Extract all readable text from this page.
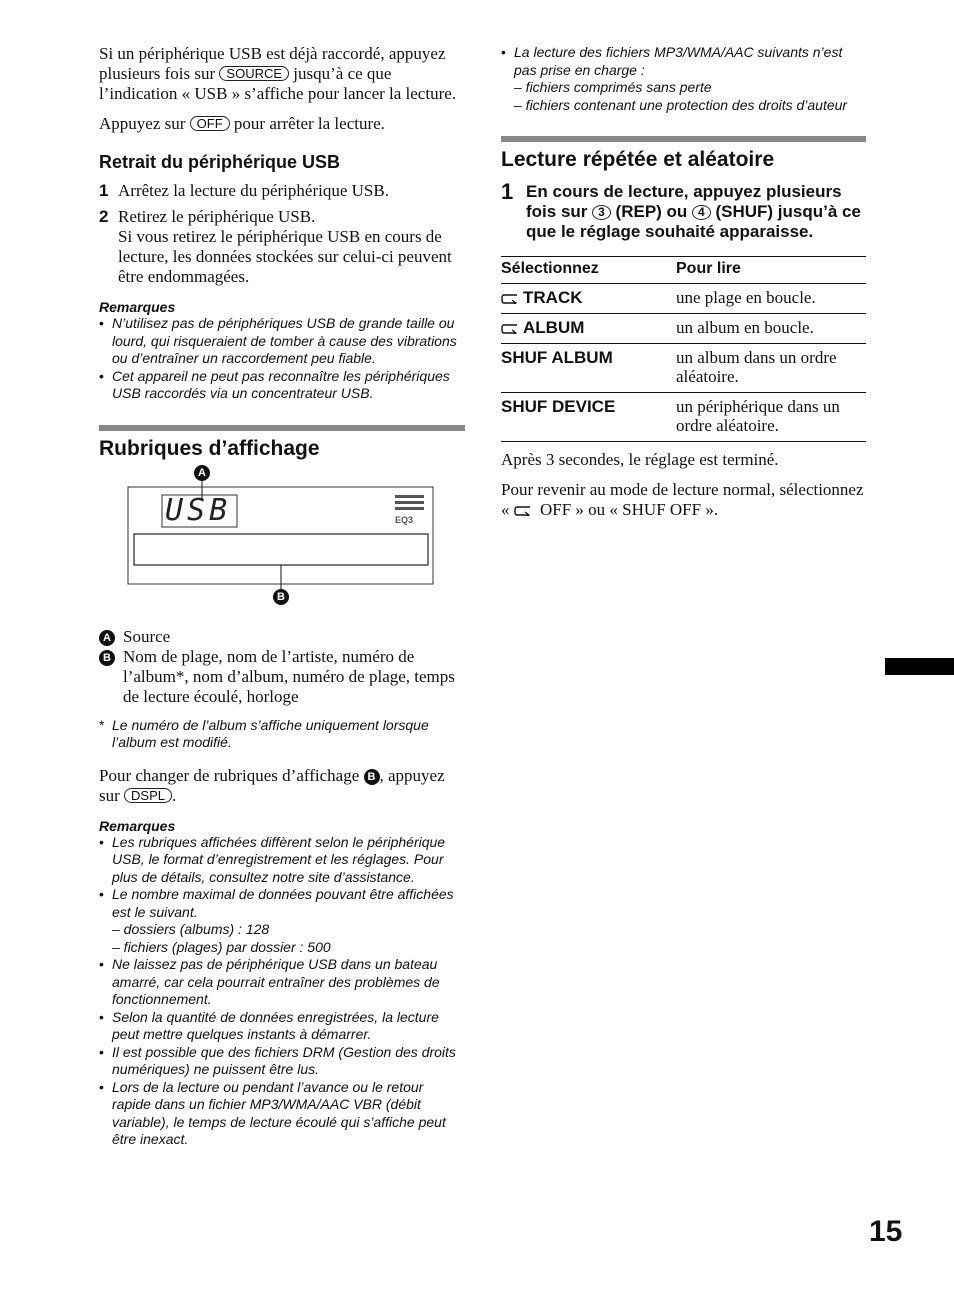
Si un périphérique USB est déjà raccordé, appuyez plusieurs fois sur SOURCE jusqu’à ce que l’indication « USB » s’affiche pour lancer la lecture.

Appuyez sur OFF pour arrêter la lecture.

Retrait du périphérique USB
1 Arrêtez la lecture du périphérique USB.
2 Retirez le périphérique USB.
Si vous retirez le périphérique USB en cours de lecture, les données stockées sur celui-ci peuvent être endommagées.
Remarques
• N’utilisez pas de périphériques USB de grande taille ou lourd, qui risqueraient de tomber à cause des vibrations ou d’entraîner un raccordement peu fiable.
• Cet appareil ne peut pas reconnaître les périphériques USB raccordés via un concentrateur USB.
Rubriques d’affichage
A
B
USB	EQ3
A Source
B Nom de plage, nom de l’artiste, numéro de l’album*, nom d’album, numéro de plage, temps de lecture écoulé, horloge
* Le numéro de l’album s’affiche uniquement lorsque l’album est modifié.

Pour changer de rubriques d’affichage B , appuyez sur DSPL .

Remarques
• Les rubriques affichées diffèrent selon le périphérique USB, le format d’enregistrement et les réglages. Pour plus de détails, consultez notre site d’assistance.
• Le nombre maximal de données pouvant être affichées est le suivant.
– dossiers (albums) : 128
– fichiers (plages) par dossier : 500
• Ne laissez pas de périphérique USB dans un bateau amarré, car cela pourrait entraîner des problèmes de fonctionnement.
• Selon la quantité de données enregistrées, la lecture peut mettre quelques instants à démarrer.
• Il est possible que des fichiers DRM (Gestion des droits numériques) ne puissent être lus.
• Lors de la lecture ou pendant l’avance ou le retour rapide dans un fichier MP3/WMA/AAC VBR (débit variable), le temps de lecture écoulé qui s’affiche peut être inexact.
• La lecture des fichiers MP3/WMA/AAC suivants n’est pas prise en charge :
– fichiers comprimés sans perte
– fichiers contenant une protection des droits d’auteur
Lecture répétée et aléatoire
1 En cours de lecture, appuyez plusieurs fois sur 3 (REP) ou 4 (SHUF) jusqu’à ce que le réglage souhaité apparaisse.
Sélectionnez	Pour lire
TRACK	une plage en boucle.
ALBUM	un album en boucle.
SHUF ALBUM	un album dans un ordre aléatoire.
SHUF DEVICE	un périphérique dans un ordre aléatoire.

Après 3 secondes, le réglage est terminé.

Pour revenir au mode de lecture normal, sélectionnez «  OFF » ou « SHUF OFF ».

15
